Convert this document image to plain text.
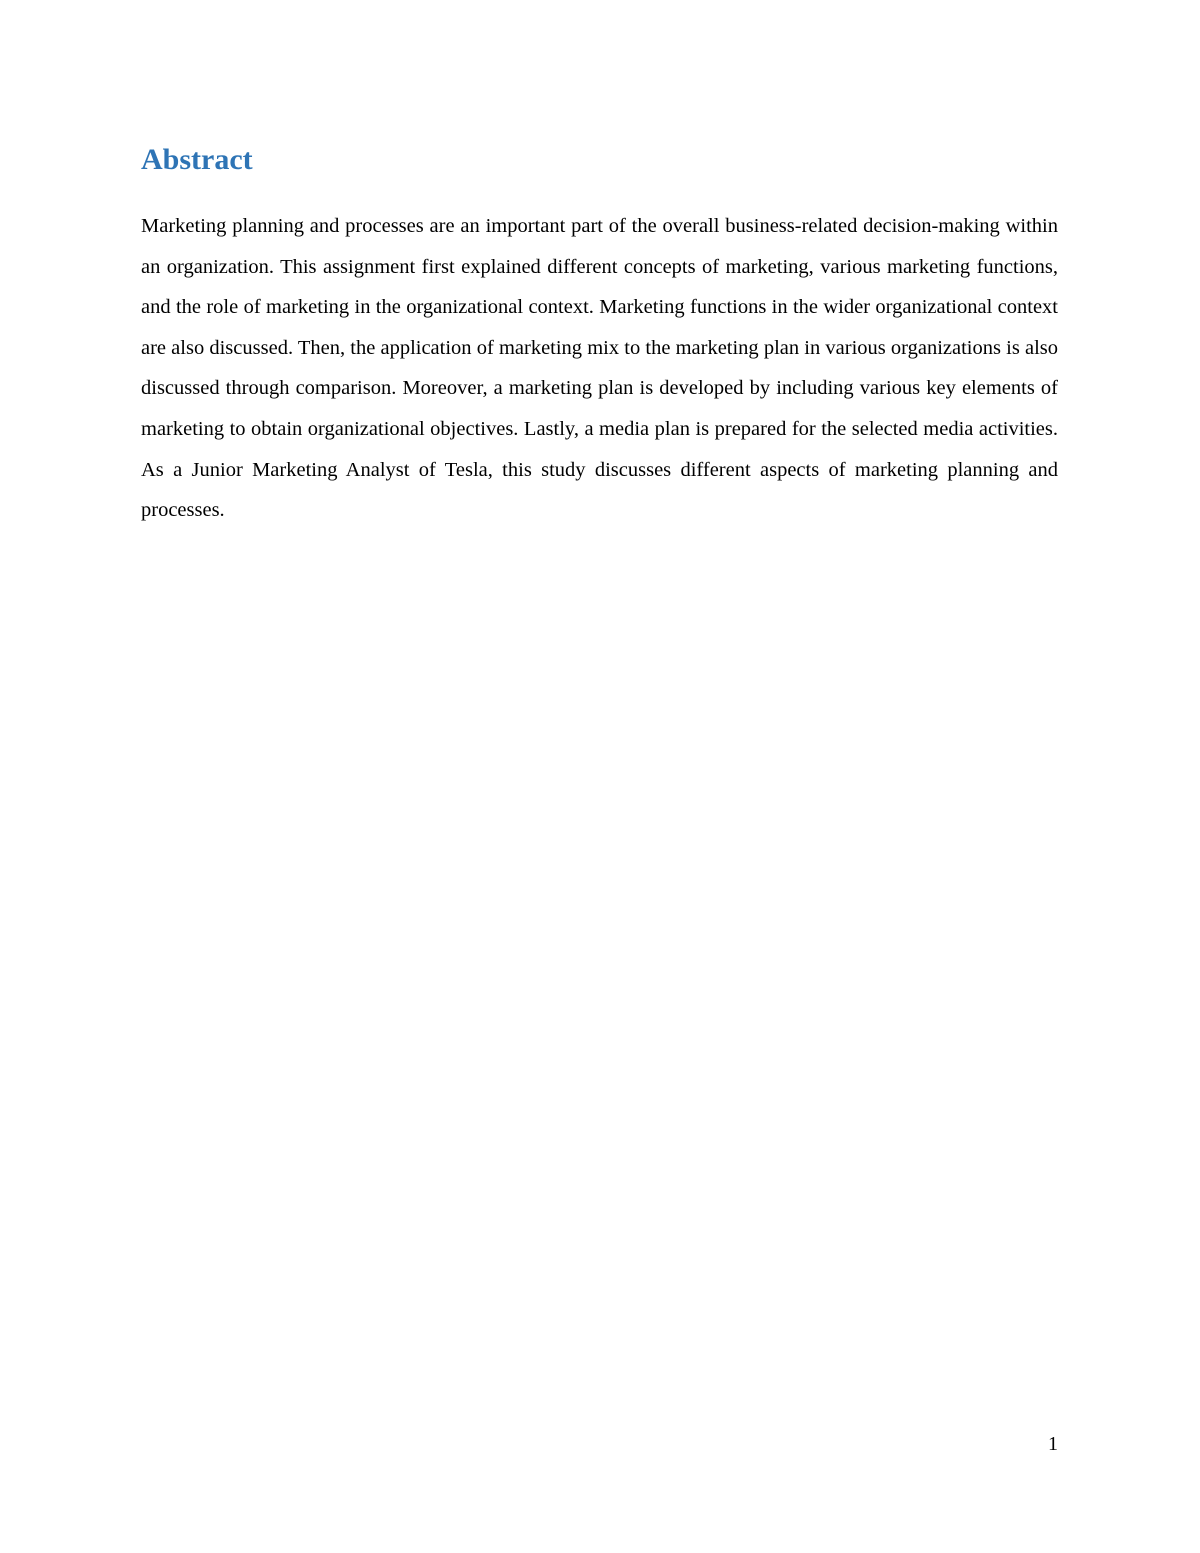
Abstract

Marketing planning and processes are an important part of the overall business-related decision-making within an organization. This assignment first explained different concepts of marketing, various marketing functions, and the role of marketing in the organizational context. Marketing functions in the wider organizational context are also discussed. Then, the application of marketing mix to the marketing plan in various organizations is also discussed through comparison. Moreover, a marketing plan is developed by including various key elements of marketing to obtain organizational objectives. Lastly, a media plan is prepared for the selected media activities. As a Junior Marketing Analyst of Tesla, this study discusses different aspects of marketing planning and processes.

1
